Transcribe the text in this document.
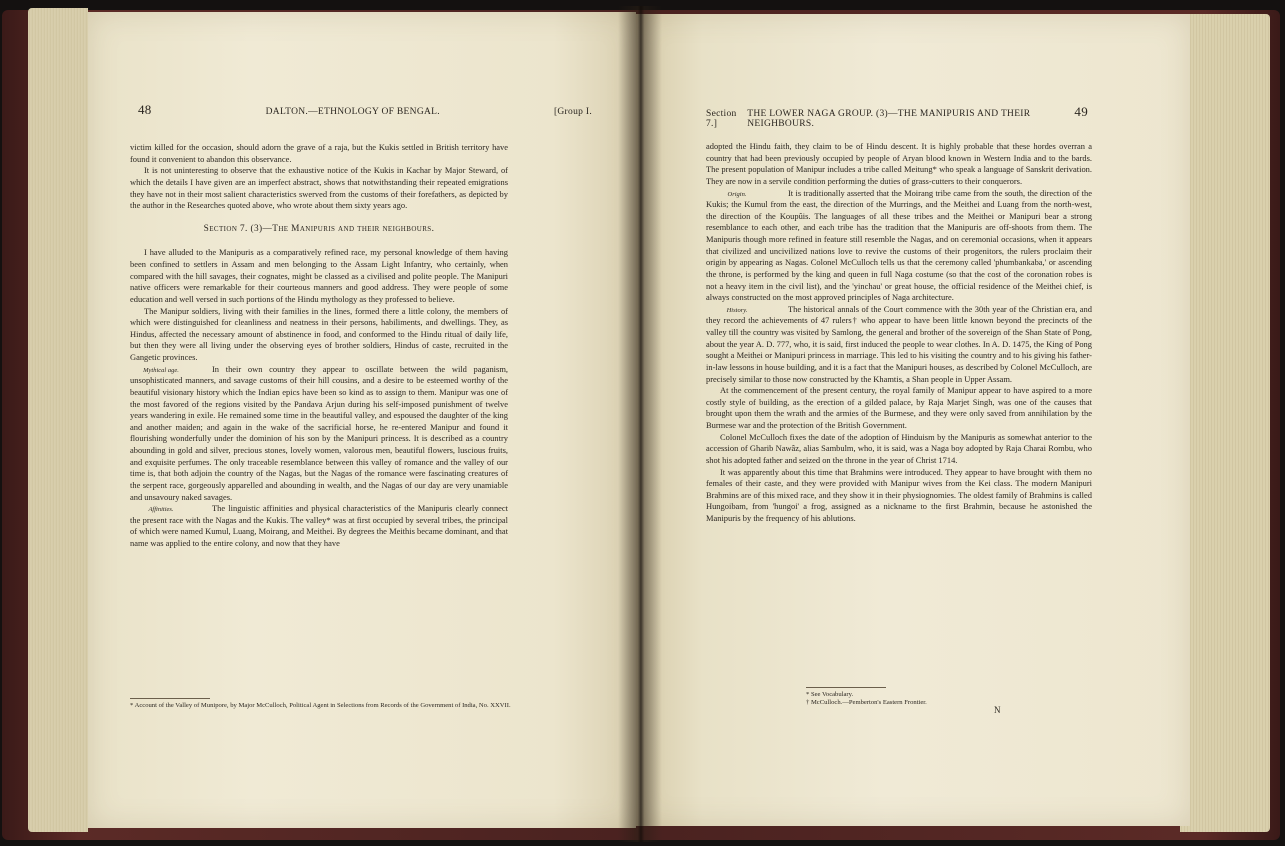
48	DALTON.—ETHNOLOGY OF BENGAL.	[Group I.

victim killed for the occasion, should adorn the grave of a raja, but the Kukis settled in British territory have found it convenient to abandon this observance.

It is not uninteresting to observe that the exhaustive notice of the Kukis in Kachar by Major Steward, of which the details I have given are an imperfect abstract, shows that notwithstanding their repeated emigrations they have not in their most salient characteristics swerved from the customs of their forefathers, as depicted by the author in the Researches quoted above, who wrote about them sixty years ago.

Section 7. (3)—The Manipuris and their neighbours.

I have alluded to the Manipuris as a comparatively refined race, my personal knowledge of them having been confined to settlers in Assam and men belonging to the Assam Light Infantry, who certainly, when compared with the hill savages, their cognates, might be classed as a civilised and polite people. The Manipuri native officers were remarkable for their courteous manners and good address. They were people of some education and well versed in such portions of the Hindu mythology as they professed to believe.

The Manipur soldiers, living with their families in the lines, formed there a little colony, the members of which were distinguished for cleanliness and neatness in their persons, habiliments, and dwellings. They, as Hindus, affected the necessary amount of abstinence in food, and conformed to the Hindu ritual of daily life, but then they were all living under the observing eyes of brother soldiers, Hindus of caste, recruited in the Gangetic provinces.

Mythical age.	In their own country they appear to oscillate between the wild paganism, unsophisticated manners, and savage customs of their hill cousins, and a desire to be esteemed worthy of the beautiful visionary history which the Indian epics have been so kind as to assign to them. Manipur was one of the most favored of the regions visited by the Pandava Arjun during his self-imposed punishment of twelve years wandering in exile. He remained some time in the beautiful valley, and espoused the daughter of the king and another maiden; and again in the wake of the sacrificial horse, he re-entered Manipur and found it flourishing wonderfully under the dominion of his son by the Manipuri princess. It is described as a country abounding in gold and silver, precious stones, lovely women, valorous men, beautiful flowers, luscious fruits, and exquisite perfumes. The only traceable resemblance between this valley of romance and the valley of our time is, that both adjoin the country of the Nagas, but the Nagas of the romance were fascinating creatures of the serpent race, gorgeously apparelled and abounding in wealth, and the Nagas of our day are very unamiable and unsavoury naked savages.

Affinities.	The linguistic affinities and physical characteristics of the Manipuris clearly connect the present race with the Nagas and the Kukis. The valley* was at first occupied by several tribes, the principal of which were named Kumul, Luang, Moirang, and Meithei. By degrees the Meithis became dominant, and that name was applied to the entire colony, and now that they have

* Account of the Valley of Munipore, by Major McCulloch, Political Agent in Selections from Records of the Government of India, No. XXVII.
Section 7.]
THE LOWER NAGA GROUP. (3)—THE MANIPURIS AND THEIR NEIGHBOURS.
49

adopted the Hindu faith, they claim to be of Hindu descent. It is highly probable that these hordes overran a country that had been previously occupied by people of Aryan blood known in Western India and to the bards. The present population of Manipur includes a tribe called Meitung* who speak a language of Sanskrit derivation. They are now in a servile condition performing the duties of grass-cutters to their conquerors.

Origin.	It is traditionally asserted that the Moirang tribe came from the south, the direction of the Kukis; the Kumul from the east, the direction of the Murrings, and the Meithei and Luang from the north-west, the direction of the Koupûis. The languages of all these tribes and the Meithei or Manipuri bear a strong resemblance to each other, and each tribe has the tradition that the Manipuris are off-shoots from them. The Manipuris though more refined in feature still resemble the Nagas, and on ceremonial occasions, when it appears that civilized and uncivilized nations love to revive the customs of their progenitors, the rulers proclaim their origin by appearing as Nagas. Colonel McCulloch tells us that the ceremony called 'phumbankaba,' or ascending the throne, is performed by the king and queen in full Naga costume (so that the cost of the coronation robes is not a heavy item in the civil list), and the 'yinchau' or great house, the official residence of the Meithei chief, is always constructed on the most approved principles of Naga architecture.

History.	The historical annals of the Court commence with the 30th year of the Christian era, and they record the achievements of 47 rulers† who appear to have been little known beyond the precincts of the valley till the country was visited by Samlong, the general and brother of the sovereign of the Shan State of Pong, about the year A. D. 777, who, it is said, first induced the people to wear clothes. In A. D. 1475, the King of Pong sought a Meithei or Manipuri princess in marriage. This led to his visiting the country and to his giving his father-in-law lessons in house building, and it is a fact that the Manipuri houses, as described by Colonel McCulloch, are precisely similar to those now constructed by the Khamtis, a Shan people in Upper Assam.

At the commencement of the present century, the royal family of Manipur appear to have aspired to a more costly style of building, as the erection of a gilded palace, by Raja Marjet Singh, was one of the causes that brought upon them the wrath and the armies of the Burmese, and they were only saved from annihilation by the Burmese war and the protection of the British Government.

Colonel McCulloch fixes the date of the adoption of Hinduism by the Manipuris as somewhat anterior to the accession of Gharib Nawâz, alias Sambulm, who, it is said, was a Naga boy adopted by Raja Charai Rombu, who shot his adopted father and seized on the throne in the year of Christ 1714.

It was apparently about this time that Brahmins were introduced. They appear to have brought with them no females of their caste, and they were provided with Manipur wives from the Kei class. The modern Manipuri Brahmins are of this mixed race, and they show it in their physiognomies. The oldest family of Brahmins is called Hungoibam, from 'hungoi' a frog, assigned as a nickname to the first Brahmin, because he astonished the Manipuris by the frequency of his ablutions.

* See Vocabulary.
† McCulloch.—Pemberton's Eastern Frontier.
N
